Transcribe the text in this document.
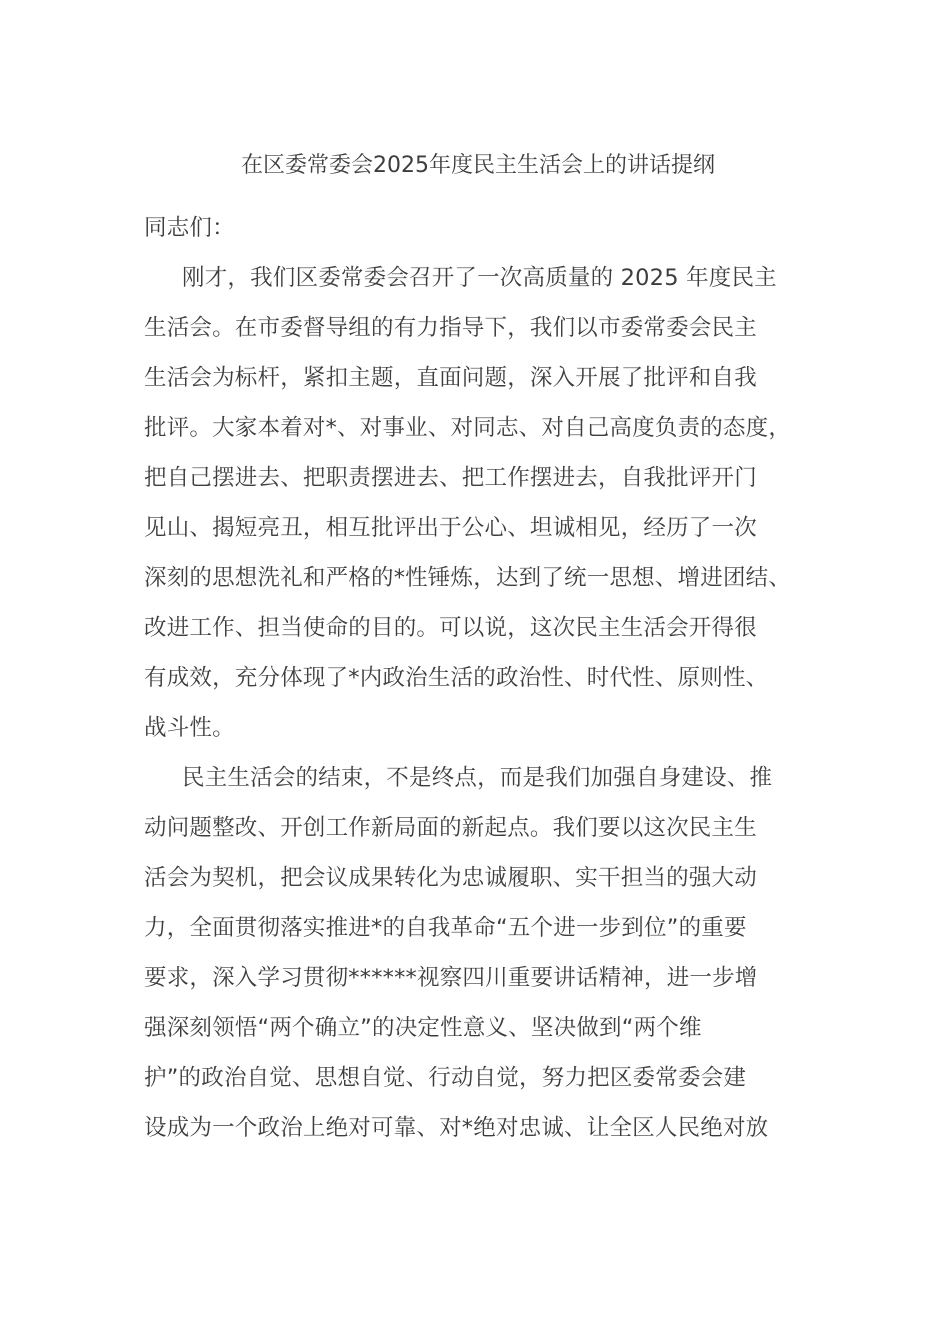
在区委常委会2025年度民主生活会上的讲话提纲
同志们：
刚才，我们区委常委会召开了一次高质量的 2025 年度民主
生活会。在市委督导组的有力指导下，我们以市委常委会民主
生活会为标杆，紧扣主题，直面问题，深入开展了批评和自我
批评。大家本着对*、对事业、对同志、对自己高度负责的态度，
把自己摆进去、把职责摆进去、把工作摆进去，自我批评开门
见山、揭短亮丑，相互批评出于公心、坦诚相见，经历了一次
深刻的思想洗礼和严格的*性锤炼，达到了统一思想、增进团结、
改进工作、担当使命的目的。可以说，这次民主生活会开得很
有成效，充分体现了*内政治生活的政治性、时代性、原则性、
战斗性。
民主生活会的结束，不是终点，而是我们加强自身建设、推
动问题整改、开创工作新局面的新起点。我们要以这次民主生
活会为契机，把会议成果转化为忠诚履职、实干担当的强大动
力，全面贯彻落实推进*的自我革命“五个进一步到位”的重要
要求，深入学习贯彻******视察四川重要讲话精神，进一步增
强深刻领悟“两个确立”的决定性意义、坚决做到“两个维
护”的政治自觉、思想自觉、行动自觉，努力把区委常委会建
设成为一个政治上绝对可靠、对*绝对忠诚、让全区人民绝对放
